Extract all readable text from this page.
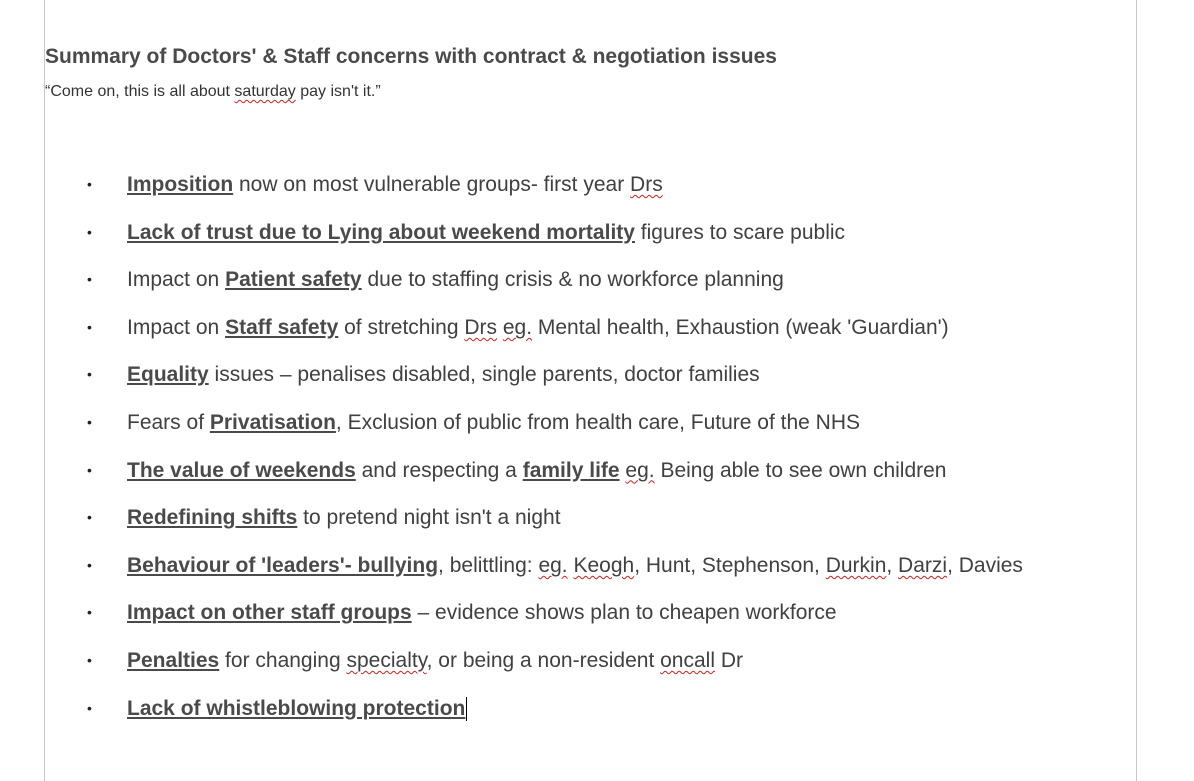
Summary of Doctors' & Staff concerns with contract & negotiation issues
“Come on, this is all about saturday pay isn't it.”
• Imposition now on most vulnerable groups- first year Drs
• Lack of trust due to Lying about weekend mortality figures to scare public
• Impact on Patient safety due to staffing crisis & no workforce planning
• Impact on Staff safety of stretching Drs eg. Mental health, Exhaustion (weak 'Guardian')
• Equality issues – penalises disabled, single parents, doctor families
• Fears of Privatisation, Exclusion of public from health care, Future of the NHS
• The value of weekends and respecting a family life eg. Being able to see own children
• Redefining shifts to pretend night isn't a night
• Behaviour of 'leaders'- bullying, belittling: eg. Keogh, Hunt, Stephenson, Durkin, Darzi, Davies
• Impact on other staff groups – evidence shows plan to cheapen workforce
• Penalties for changing specialty, or being a non-resident oncall Dr
• Lack of whistleblowing protection
